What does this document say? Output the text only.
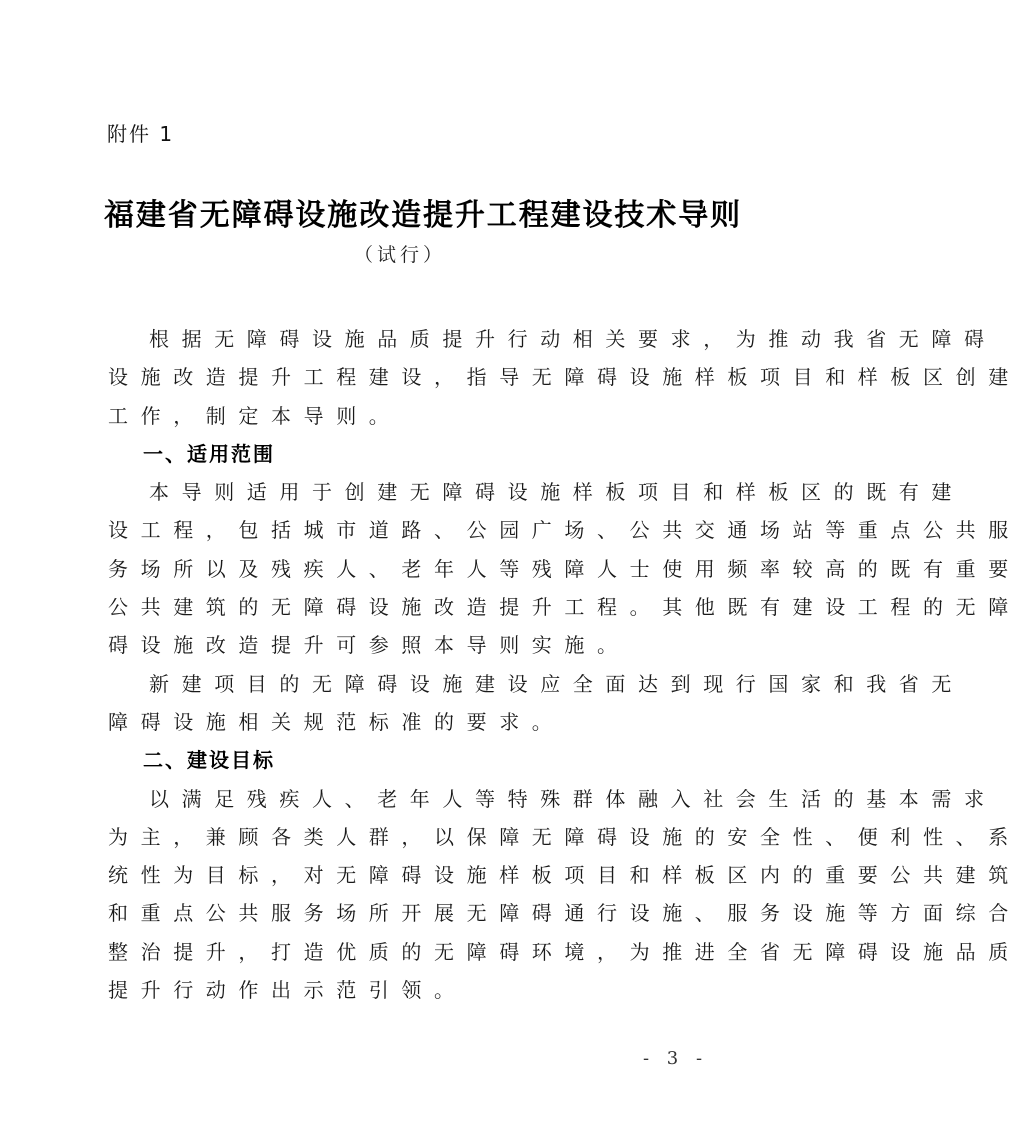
附件 1
福建省无障碍设施改造提升工程建设技术导则
（试行）
根据无障碍设施品质提升行动相关要求，为推动我省无障碍
设施改造提升工程建设，指导无障碍设施样板项目和样板区创建
工作，制定本导则。
一、适用范围
本导则适用于创建无障碍设施样板项目和样板区的既有建
设工程，包括城市道路、公园广场、公共交通场站等重点公共服
务场所以及残疾人、老年人等残障人士使用频率较高的既有重要
公共建筑的无障碍设施改造提升工程。其他既有建设工程的无障
碍设施改造提升可参照本导则实施。
新建项目的无障碍设施建设应全面达到现行国家和我省无
障碍设施相关规范标准的要求。
二、建设目标
以满足残疾人、老年人等特殊群体融入社会生活的基本需求
为主，兼顾各类人群，以保障无障碍设施的安全性、便利性、系
统性为目标，对无障碍设施样板项目和样板区内的重要公共建筑
和重点公共服务场所开展无障碍通行设施、服务设施等方面综合
整治提升，打造优质的无障碍环境，为推进全省无障碍设施品质
提升行动作出示范引领。
- 3 -
